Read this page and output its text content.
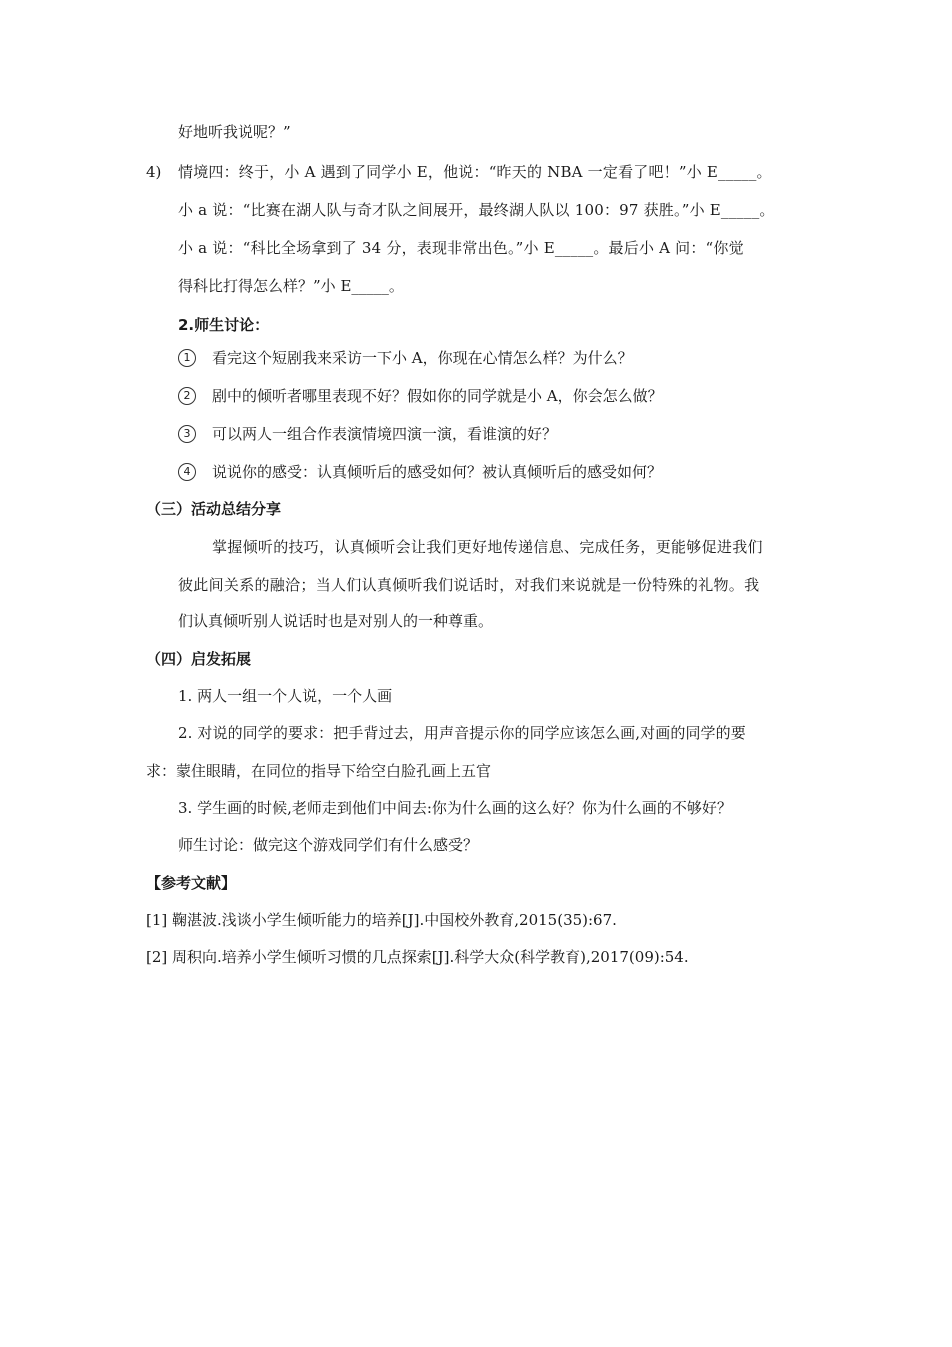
好地听我说呢？”
4) 情境四：终于，小 A 遇到了同学小 E，他说：“昨天的 NBA 一定看了吧！”小 E_____。
小 a 说：“比赛在湖人队与奇才队之间展开，最终湖人队以 100：97 获胜。”小 E_____。
小 a 说：“科比全场拿到了 34 分，表现非常出色。”小 E_____。最后小 A 问：“你觉
得科比打得怎么样？”小 E_____。
2.师生讨论：
1	看完这个短剧我来采访一下小 A，你现在心情怎么样？为什么？
2	剧中的倾听者哪里表现不好？假如你的同学就是小 A，你会怎么做？
3	可以两人一组合作表演情境四演一演，看谁演的好？
4	说说你的感受：认真倾听后的感受如何？被认真倾听后的感受如何？
（三）活动总结分享
掌握倾听的技巧，认真倾听会让我们更好地传递信息、完成任务，更能够促进我们
彼此间关系的融洽；当人们认真倾听我们说话时，对我们来说就是一份特殊的礼物。我
们认真倾听别人说话时也是对别人的一种尊重。
（四）启发拓展
1. 两人一组一个人说，一个人画
2. 对说的同学的要求：把手背过去，用声音提示你的同学应该怎么画,对画的同学的要
求：蒙住眼睛，在同位的指导下给空白脸孔画上五官
3. 学生画的时候,老师走到他们中间去:你为什么画的这么好？你为什么画的不够好？
师生讨论：做完这个游戏同学们有什么感受？
【参考文献】
[1] 鞠湛波.浅谈小学生倾听能力的培养[J].中国校外教育,2015(35):67.
[2] 周积向.培养小学生倾听习惯的几点探索[J].科学大众(科学教育),2017(09):54.
